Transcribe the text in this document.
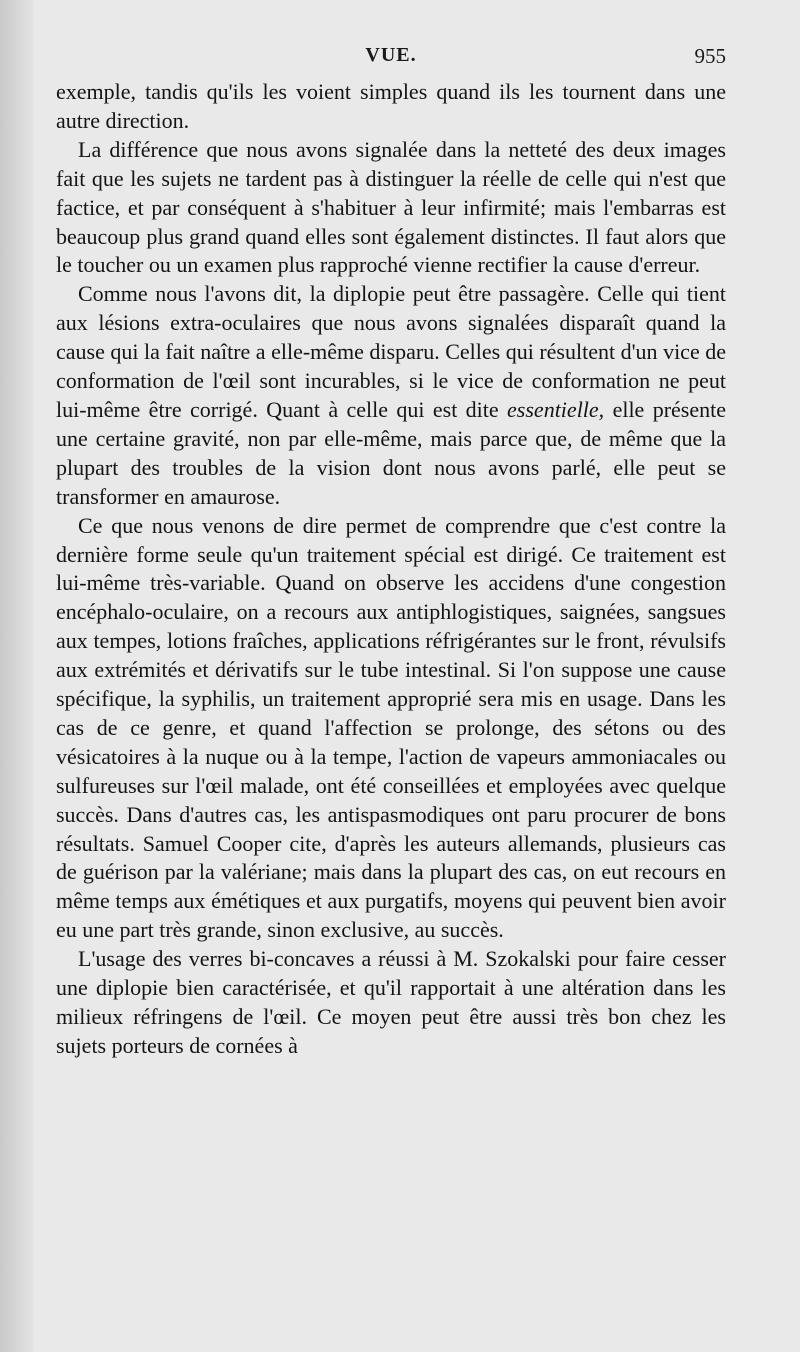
VUE.	955

exemple, tandis qu'ils les voient simples quand ils les tournent dans une autre direction.

La différence que nous avons signalée dans la netteté des deux images fait que les sujets ne tardent pas à distinguer la réelle de celle qui n'est que factice, et par conséquent à s'habituer à leur infirmité; mais l'embarras est beaucoup plus grand quand elles sont également distinctes. Il faut alors que le toucher ou un examen plus rapproché vienne rectifier la cause d'erreur.

Comme nous l'avons dit, la diplopie peut être passagère. Celle qui tient aux lésions extra-oculaires que nous avons signalées disparaît quand la cause qui la fait naître a elle-même disparu. Celles qui résultent d'un vice de conformation de l'œil sont incurables, si le vice de conformation ne peut lui-même être corrigé. Quant à celle qui est dite essentielle, elle présente une certaine gravité, non par elle-même, mais parce que, de même que la plupart des troubles de la vision dont nous avons parlé, elle peut se transformer en amaurose.

Ce que nous venons de dire permet de comprendre que c'est contre la dernière forme seule qu'un traitement spécial est dirigé. Ce traitement est lui-même très-variable. Quand on observe les accidens d'une congestion encéphalo-oculaire, on a recours aux antiphlogistiques, saignées, sangsues aux tempes, lotions fraîches, applications réfrigérantes sur le front, révulsifs aux extrémités et dérivatifs sur le tube intestinal. Si l'on suppose une cause spécifique, la syphilis, un traitement approprié sera mis en usage. Dans les cas de ce genre, et quand l'affection se prolonge, des sétons ou des vésicatoires à la nuque ou à la tempe, l'action de vapeurs ammoniacales ou sulfureuses sur l'œil malade, ont été conseillées et employées avec quelque succès. Dans d'autres cas, les antispasmodiques ont paru procurer de bons résultats. Samuel Cooper cite, d'après les auteurs allemands, plusieurs cas de guérison par la valériane; mais dans la plupart des cas, on eut recours en même temps aux émétiques et aux purgatifs, moyens qui peuvent bien avoir eu une part très grande, sinon exclusive, au succès.

L'usage des verres bi-concaves a réussi à M. Szokalski pour faire cesser une diplopie bien caractérisée, et qu'il rapportait à une altération dans les milieux réfringens de l'œil. Ce moyen peut être aussi très bon chez les sujets porteurs de cornées à
